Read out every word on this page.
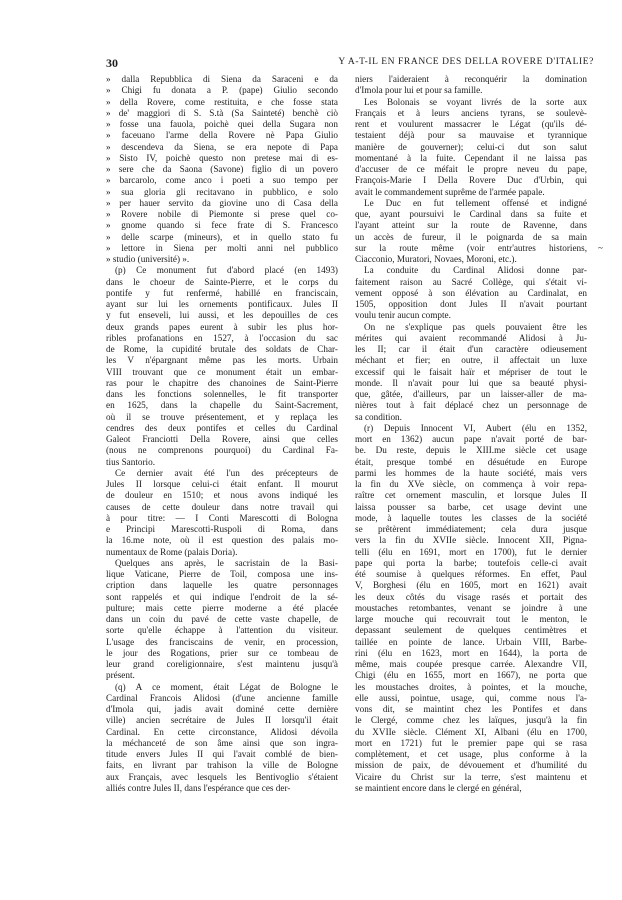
30	Y A-T-IL EN FRANCE DES DELLA ROVERE D'ITALIE?
» dalla Repubblica di Siena da Saraceni e da
» Chigi fu donata a P. (pape) Giulio secondo
» della Rovere, come restituita, e che fosse stata
» de' maggiori di S. S.tà (Sa Sainteté) benchè ciò
» fosse una fauola, poichè quei della Sugara non
» faceuano l'arme della Rovere nè Papa Giulio
» descendeva da Siena, se era nepote di Papa
» Sisto IV, poichè questo non pretese mai di es-
» sere che da Saona (Savone) figlio di un povero
» barcarolo, come anco i poeti a suo tempo per
» sua gloria gli recitavano in pubblico, e solo
» per hauer servito da giovine uno di Casa della
» Rovere nobile di Piemonte si prese quel co-
» gnome quando si fece frate di S. Francesco
» delle scarpe (mineurs), et in quello stato fu
» lettore in Siena per molti anni nel pubblico
» studio (université) ».
(p) Ce monument fut d'abord placé (en 1493)
dans le choeur de Sainte-Pierre, et le corps du
pontife y fut renfermé, habillé en franciscain,
ayant sur lui les ornements pontificaux. Jules II
y fut enseveli, lui aussi, et les depouilles de ces
deux grands papes eurent à subir les plus hor-
ribles profanations en 1527, à l'occasion du sac
de Rome, la cupidité brutale des soldats de Char-
les V n'épargnant même pas les morts. Urbain
VIII trouvant que ce monument était un embar-
ras pour le chapitre des chanoines de Saint-Pierre
dans les fonctions solennelles, le fit transporter
en 1625, dans la chapelle du Saint-Sacrement,
où il se trouve présentement, et y replaça les
cendres des deux pontifes et celles du Cardinal
Galeot Franciotti Della Rovere, ainsi que celles
(nous ne comprenons pourquoi) du Cardinal Fa-
tius Santorio.
Ce dernier avait été l'un des précepteurs de
Jules II lorsque celui-ci était enfant. Il mourut
de douleur en 1510; et nous avons indiqué les
causes de cette douleur dans notre travail qui
à pour titre: — I Conti Marescotti di Bologna
e Principi Marescotti-Ruspoli di Roma, dans
la 16.me note, où il est question des palais mo-
numentaux de Rome (palais Doria).
Quelques ans après, le sacristain de la Basi-
lique Vaticane, Pierre de Toil, composa une ins-
cription dans laquelle les quatre personnages
sont rappelés et qui indique l'endroit de la sé-
pulture; mais cette pierre moderne a été placée
dans un coin du pavé de cette vaste chapelle, de
sorte qu'elle échappe à l'attention du visiteur.
L'usage des franciscains de venir, en procession,
le jour des Rogations, prier sur ce tombeau de
leur grand coreligionnaire, s'est maintenu jusqu'à
présent.
(q) A ce moment, était Légat de Bologne le
Cardinal Francois Alidosi (d'une ancienne famille
d'Imola qui, jadis avait dominé cette dernière
ville) ancien secrétaire de Jules II lorsqu'il était
Cardinal. En cette circonstance, Alidosi dévoila
la méchanceté de son âme ainsi que son ingra-
titude envers Jules II qui l'avait comblé de bien-
faits, en livrant par trahison la ville de Bologne
aux Français, avec lesquels les Bentivoglio s'étaient
alliés contre Jules II, dans l'espérance que ces der-
niers l'aideraient à reconquérir la domination
d'Imola pour lui et pour sa famille.
Les Bolonais se voyant livrés de la sorte aux
Français et à leurs anciens tyrans, se soulevè-
rent et voulurent massacrer le Légat (qu'ils dé-
testaient déjà pour sa mauvaise et tyrannique
manière de gouverner); celui-ci dut son salut
momentané à la fuite. Cependant il ne laissa pas
d'accuser de ce méfait le propre neveu du pape,
François-Marie I Della Rovere Duc d'Urbin, qui
avait le commandement suprême de l'armée papale.
Le Duc en fut tellement offensé et indigné
que, ayant poursuivi le Cardinal dans sa fuite et
l'ayant atteint sur la route de Ravenne, dans
un accès de fureur, il le poignarda de sa main
sur la route même (voir entr'autres historiens,
Ciacconio, Muratori, Novaes, Moroni, etc.).
La conduite du Cardinal Alidosi donne par-
faitement raison au Sacré Collège, qui s'était vi-
vement opposé à son élévation au Cardinalat, en
1505, opposition dont Jules II n'avait pourtant
voulu tenir aucun compte.
On ne s'explique pas quels pouvaient être les
mérites qui avaient recommandé Alidosi à Ju-
les II; car il était d'un caractère odieusement
méchant et fier; en outre, il affectait un luxe
excessif qui le faisait haïr et mépriser de tout le
monde. Il n'avait pour lui que sa beauté physi-
que, gâtée, d'ailleurs, par un laisser-aller de ma-
nières tout à fait déplacé chez un personnage de
sa condition.
(r) Depuis Innocent VI, Aubert (élu en 1352,
mort en 1362) aucun pape n'avait porté de bar-
be. Du reste, depuis le XIII.me siècle cet usage
était, presque tombé en désuétude en Europe
parmi les hommes de la haute société, mais vers
la fin du XVe siècle, on commença à voir repa-
raître cet ornement masculin, et lorsque Jules II
laissa pousser sa barbe, cet usage devint une
mode, à laquelle toutes les classes de la société
se prêtèrent immédiatement; cela dura jusque
vers la fin du XVIIe siècle. Innocent XII, Pigna-
telli (élu en 1691, mort en 1700), fut le dernier
pape qui porta la barbe; toutefois celle-ci avait
été soumise à quelques réformes. En effet, Paul
V, Borghesi (élu en 1605, mort en 1621) avait
les deux côtés du visage rasés et portait des
moustaches retombantes, venant se joindre à une
large mouche qui recouvrait tout le menton, le
depassant seulement de quelques centimètres et
taillée en pointe de lance. Urbain VIII, Barbe-
rini (élu en 1623, mort en 1644), la porta de
même, mais coupée presque carrée. Alexandre VII,
Chigi (élu en 1655, mort en 1667), ne porta que
les moustaches droites, à pointes, et la mouche,
elle aussi, pointue, usage, qui, comme nous l'a-
vons dit, se maintint chez les Pontifes et dans
le Clergé, comme chez les laïques, jusqu'à la fin
du XVIIe siècle. Clément XI, Albani (élu en 1700,
mort en 1721) fut le premier pape qui se rasa
complètement, et cet usage, plus conforme à la
mission de paix, de dévouement et d'humilité du
Vicaire du Christ sur la terre, s'est maintenu et
se maintient encore dans le clergé en général,
~
